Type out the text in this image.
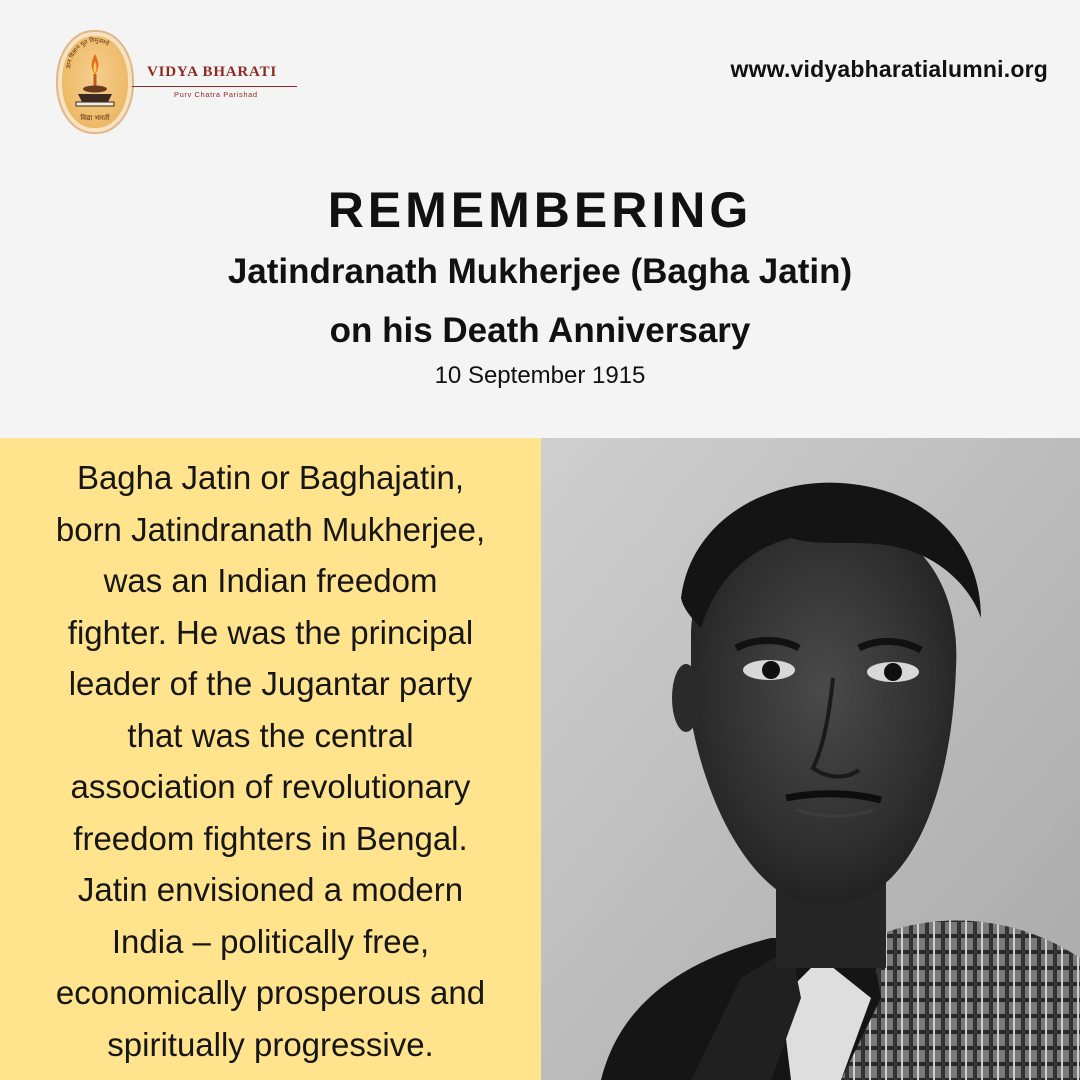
ज्ञान विज्ञान युत विमुक्तये
विद्या भारती
VIDYA BHARATI
Purv Chatra Parishad
www.vidyabharatialumni.org
REMEMBERING
Jatindranath Mukherjee (Bagha Jatin)
on his Death Anniversary
10 September 1915

Bagha Jatin or Baghajatin,
born Jatindranath Mukherjee,
was an Indian freedom
fighter. He was the principal
leader of the Jugantar party
that was the central
association of revolutionary
freedom fighters in Bengal.
Jatin envisioned a modern
India – politically free,
economically prosperous and
spiritually progressive.
